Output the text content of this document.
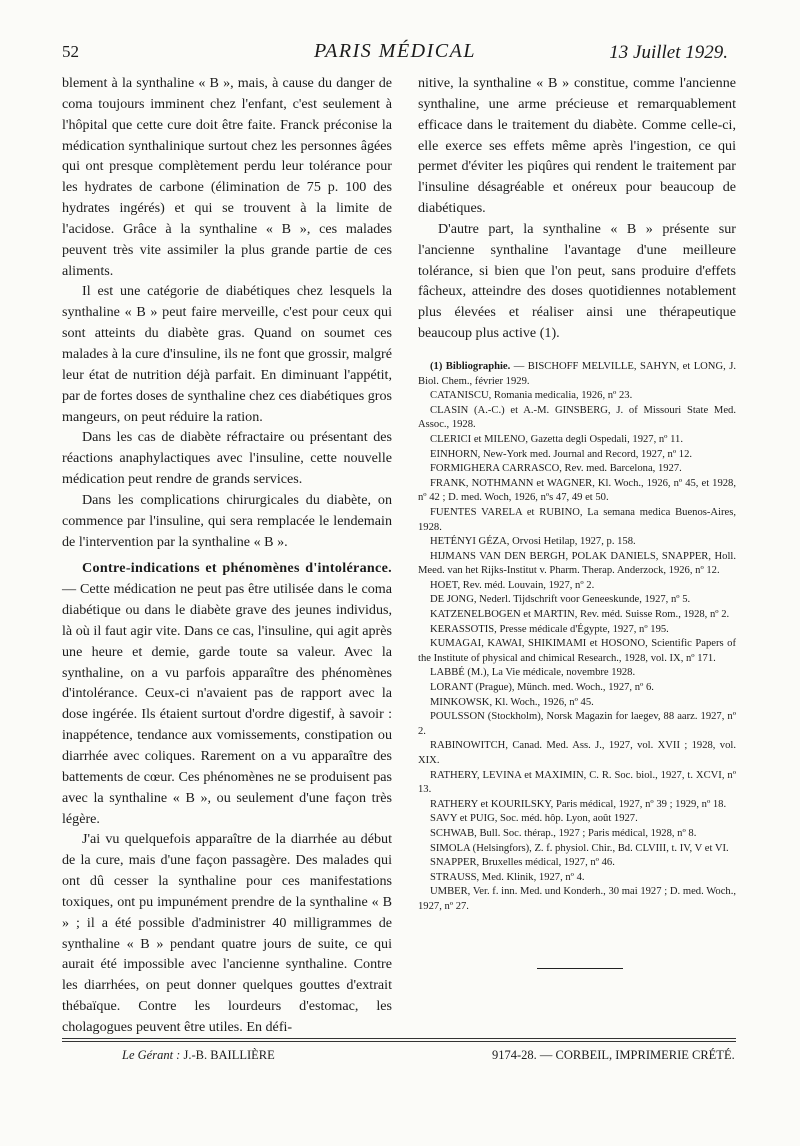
52	PARIS MÉDICAL	13 Juillet 1929.

blement à la synthaline « B », mais, à cause du danger de coma toujours imminent chez l'enfant, c'est seulement à l'hôpital que cette cure doit être faite. Franck préconise la médication synthalinique surtout chez les personnes âgées qui ont presque complètement perdu leur tolérance pour les hydrates de carbone (élimination de 75 p. 100 des hydrates ingérés) et qui se trouvent à la limite de l'acidose. Grâce à la synthaline « B », ces malades peuvent très vite assimiler la plus grande partie de ces aliments.

Il est une catégorie de diabétiques chez lesquels la synthaline « B » peut faire merveille, c'est pour ceux qui sont atteints du diabète gras. Quand on soumet ces malades à la cure d'insuline, ils ne font que grossir, malgré leur état de nutrition déjà parfait. En diminuant l'appétit, par de fortes doses de synthaline chez ces diabétiques gros mangeurs, on peut réduire la ration.

Dans les cas de diabète réfractaire ou présentant des réactions anaphylactiques avec l'insuline, cette nouvelle médication peut rendre de grands services.

Dans les complications chirurgicales du diabète, on commence par l'insuline, qui sera remplacée le lendemain de l'intervention par la synthaline « B ».

Contre-indications et phénomènes d'intolérance. — Cette médication ne peut pas être utilisée dans le coma diabétique ou dans le diabète grave des jeunes individus, là où il faut agir vite. Dans ce cas, l'insuline, qui agit après une heure et demie, garde toute sa valeur. Avec la synthaline, on a vu parfois apparaître des phénomènes d'intolérance. Ceux-ci n'avaient pas de rapport avec la dose ingérée. Ils étaient surtout d'ordre digestif, à savoir : inappétence, tendance aux vomissements, constipation ou diarrhée avec coliques. Rarement on a vu apparaître des battements de cœur. Ces phénomènes ne se produisent pas avec la synthaline « B », ou seulement d'une façon très légère.

J'ai vu quelquefois apparaître de la diarrhée au début de la cure, mais d'une façon passagère. Des malades qui ont dû cesser la synthaline pour ces manifestations toxiques, ont pu impunément prendre de la synthaline « B » ; il a été possible d'administrer 40 milligrammes de synthaline « B » pendant quatre jours de suite, ce qui aurait été impossible avec l'ancienne synthaline. Contre les diarrhées, on peut donner quelques gouttes d'extrait thébaïque. Contre les lourdeurs d'estomac, les cholagogues peuvent être utiles. En défi-

nitive, la synthaline « B » constitue, comme l'ancienne synthaline, une arme précieuse et remarquablement efficace dans le traitement du diabète. Comme celle-ci, elle exerce ses effets même après l'ingestion, ce qui permet d'éviter les piqûres qui rendent le traitement par l'insuline désagréable et onéreux pour beaucoup de diabétiques.

D'autre part, la synthaline « B » présente sur l'ancienne synthaline l'avantage d'une meilleure tolérance, si bien que l'on peut, sans produire d'effets fâcheux, atteindre des doses quotidiennes notablement plus élevées et réaliser ainsi une thérapeutique beaucoup plus active (1).

(1) Bibliographie. — BISCHOFF MELVILLE, SAHYN, et LONG, J. Biol. Chem., février 1929.

CATANISCU, Romania medicalia, 1926, nº 23.

CLASIN (A.-C.) et A.-M. GINSBERG, J. of Missouri State Med. Assoc., 1928.

CLERICI et MILENO, Gazetta degli Ospedali, 1927, nº 11.

EINHORN, New-York med. Journal and Record, 1927, nº 12.

FORMIGHERA CARRASCO, Rev. med. Barcelona, 1927.

FRANK, NOTHMANN et WAGNER, Kl. Woch., 1926, nº 45, et 1928, nº 42 ; D. med. Woch, 1926, nºs 47, 49 et 50.

FUENTES VARELA et RUBINO, La semana medica Buenos-Aires, 1928.

HETÉNYI GÉZA, Orvosi Hetilap, 1927, p. 158.

HIJMANS VAN DEN BERGH, POLAK DANIELS, SNAPPER, Holl. Meed. van het Rijks-Institut v. Pharm. Therap. Anderzock, 1926, nº 12.

HOET, Rev. méd. Louvain, 1927, nº 2.

DE JONG, Nederl. Tijdschrift voor Geneeskunde, 1927, nº 5.

KATZENELBOGEN et MARTIN, Rev. méd. Suisse Rom., 1928, nº 2.

KERASSOTIS, Presse médicale d'Égypte, 1927, nº 195.

KUMAGAI, KAWAI, SHIKIMAMI et HOSONO, Scientific Papers of the Institute of physical and chimical Research., 1928, vol. IX, nº 171.

LABBÉ (M.), La Vie médicale, novembre 1928.

LORANT (Prague), Münch. med. Woch., 1927, nº 6.

MINKOWSK, Kl. Woch., 1926, nº 45.

POULSSON (Stockholm), Norsk Magazin for laegev, 88 aarz. 1927, nº 2.

RABINOWITCH, Canad. Med. Ass. J., 1927, vol. XVII ; 1928, vol. XIX.

RATHERY, LEVINA et MAXIMIN, C. R. Soc. biol., 1927, t. XCVI, nº 13.

RATHERY et KOURILSKY, Paris médical, 1927, nº 39 ; 1929, nº 18.

SAVY et PUIG, Soc. méd. hôp. Lyon, août 1927.

SCHWAB, Bull. Soc. thérap., 1927 ; Paris médical, 1928, nº 8.

SIMOLA (Helsingfors), Z. f. physiol. Chir., Bd. CLVIII, t. IV, V et VI.

SNAPPER, Bruxelles médical, 1927, nº 46.

STRAUSS, Med. Klinik, 1927, nº 4.

UMBER, Ver. f. inn. Med. und Konderh., 30 mai 1927 ; D. med. Woch., 1927, nº 27.

Le Gérant : J.-B. BAILLIÈRE	9174-28. — CORBEIL, IMPRIMERIE CRÉTÉ.
